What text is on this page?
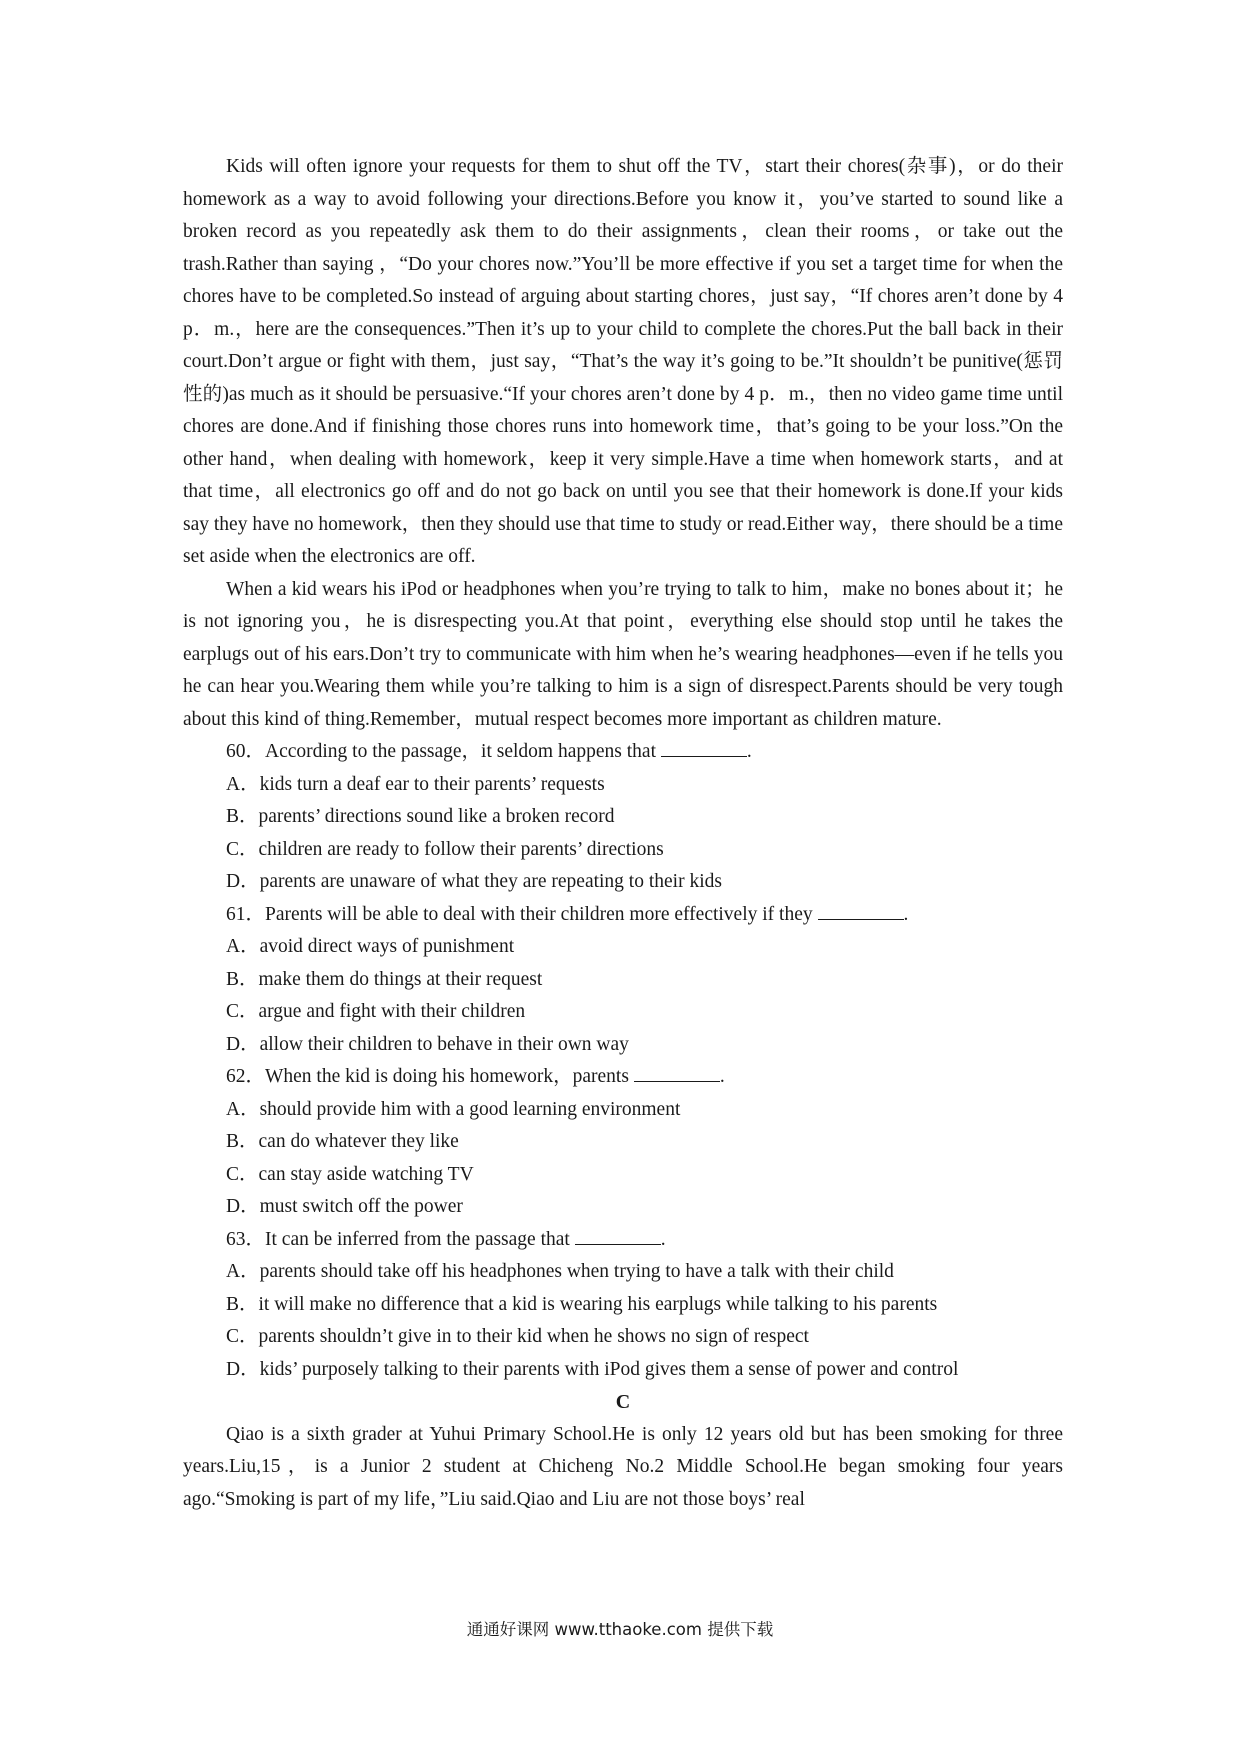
Kids will often ignore your requests for them to shut off the TV，start their chores(杂事)，or do their homework as a way to avoid following your directions.Before you know it，you’ve started to sound like a broken record as you repeatedly ask them to do their assignments，clean their rooms，or take out the trash.Rather than saying ，“Do your chores now.”You’ll be more effective if you set a target time for when the chores have to be completed.So instead of arguing about starting chores，just say，“If chores aren’t done by 4 p．m.，here are the consequences.”Then it’s up to your child to complete the chores.Put the ball back in their court.Don’t argue or fight with them，just say，“That’s the way it’s going to be.”It shouldn’t be punitive(惩罚性的)as much as it should be persuasive.“If your chores aren’t done by 4 p．m.，then no video game time until chores are done.And if finishing those chores runs into homework time，that’s going to be your loss.”On the other hand，when dealing with homework，keep it very simple.Have a time when homework starts，and at that time，all electronics go off and do not go back on until you see that their homework is done.If your kids say they have no homework，then they should use that time to study or read.Either way，there should be a time set aside when the electronics are off.

When a kid wears his iPod or headphones when you’re trying to talk to him，make no bones about it；he is not ignoring you，he is disrespecting you.At that point，everything else should stop until he takes the earplugs out of his ears.Don’t try to communicate with him when he’s wearing headphones—even if he tells you he can hear you.Wearing them while you’re talking to him is a sign of disrespect.Parents should be very tough about this kind of thing.Remember，mutual respect becomes more important as children mature.

60．According to the passage，it seldom happens that	.
A．kids turn a deaf ear to their parents’ requests
B．parents’ directions sound like a broken record
C．children are ready to follow their parents’ directions
D．parents are unaware of what they are repeating to their kids
61．Parents will be able to deal with their children more effectively if they	.
A．avoid direct ways of punishment
B．make them do things at their request
C．argue and fight with their children
D．allow their children to behave in their own way
62．When the kid is doing his homework，parents	.
A．should provide him with a good learning environment
B．can do whatever they like
C．can stay aside watching TV
D．must switch off the power
63．It can be inferred from the passage that	.
A．parents should take off his headphones when trying to have a talk with their child
B．it will make no difference that a kid is wearing his earplugs while talking to his parents
C．parents shouldn’t give in to their kid when he shows no sign of respect
D．kids’ purposely talking to their parents with iPod gives them a sense of power and control
C

Qiao is a sixth grader at Yuhui Primary School.He is only 12 years old but has been smoking for three years.Liu,15，is a Junior 2 student at Chicheng No.2 Middle School.He began smoking four years ago.“Smoking is part of my life，”Liu said.Qiao and Liu are not those boys’ real

通通好课网 www.tthaoke.com 提供下载
